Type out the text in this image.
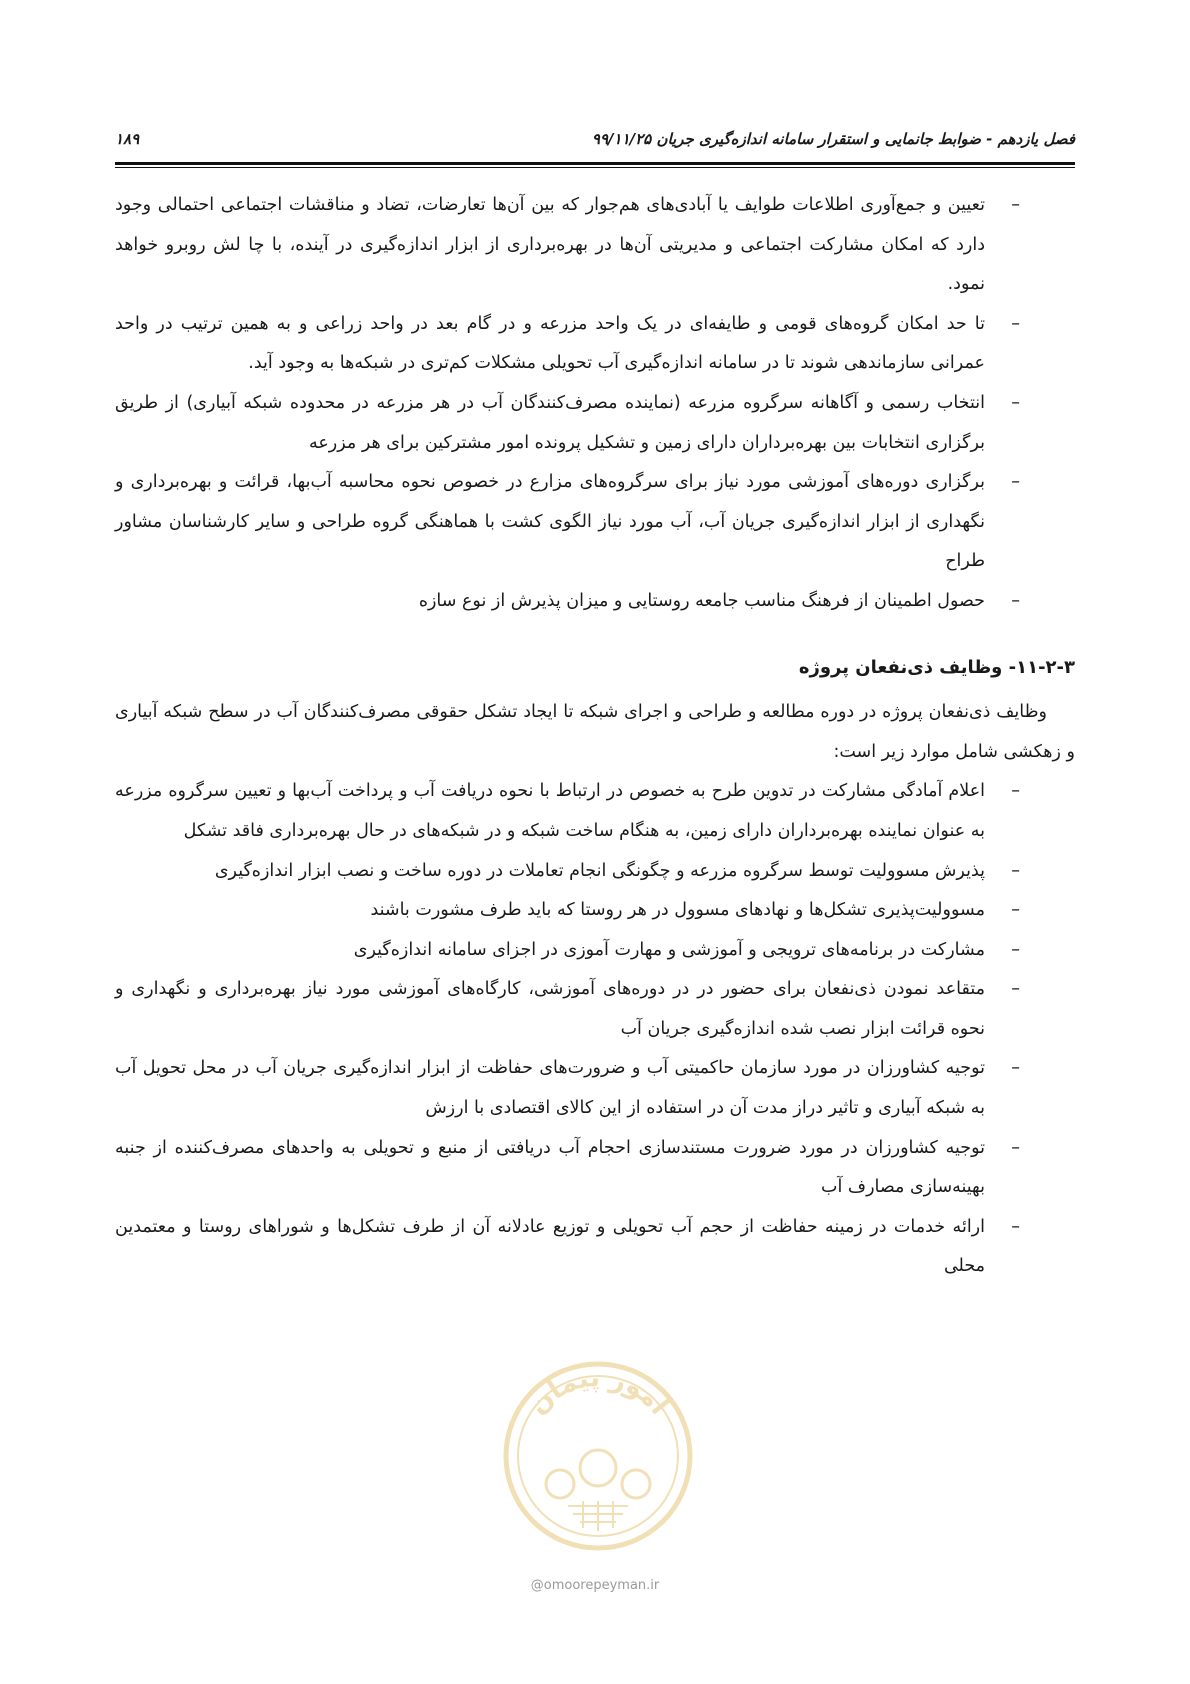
فصل یازدهم - ضوابط جانمایی و استقرار سامانه اندازه‌گیری جریان ۹۹/۱۱/۲۵
۱۸۹
–
تعیین و جمع‌آوری اطلاعات طوایف یا آبادی‌های هم‌جوار که بین آن‌ها تعارضات، تضاد و مناقشات اجتماعی احتمالی وجود دارد که امکان مشارکت اجتماعی و مدیریتی آن‌ها در بهره‌برداری از ابزار اندازه‌گیری در آینده، با چا لش روبرو خواهد نمود.
–
تا حد امکان گروه‌های قومی و طایفه‌ای در یک واحد مزرعه و در گام بعد در واحد زراعی و به همین ترتیب در واحد عمرانی سازماندهی شوند تا در سامانه اندازه‌گیری آب تحویلی مشکلات کم‌تری در شبکه‌ها به وجود آید.
–
انتخاب رسمی و آگاهانه سرگروه مزرعه (نماینده مصرف‌کنندگان آب در هر مزرعه در محدوده شبکه آبیاری) از طریق برگزاری انتخابات بین بهره‌برداران دارای زمین و تشکیل پرونده امور مشترکین برای هر مزرعه
–
برگزاری دوره‌های آموزشی مورد نیاز برای سرگروه‌های مزارع در خصوص نحوه محاسبه آب‌بها، قرائت و بهره‌برداری و نگهداری از ابزار اندازه‌گیری جریان آب، آب مورد نیاز الگوی کشت با هماهنگی گروه طراحی و سایر کارشناسان مشاور طراح
–
حصول اطمینان از فرهنگ مناسب جامعه روستایی و میزان پذیرش از نوع سازه
۱۱-۲-۳- وظایف ذی‌نفعان پروژه

وظایف ذی‌نفعان پروژه در دوره مطالعه و طراحی و اجرای شبکه تا ایجاد تشکل حقوقی مصرف‌کنندگان آب در سطح شبکه آبیاری و زهکشی شامل موارد زیر است:

–
اعلام آمادگی مشارکت در تدوین طرح به خصوص در ارتباط با نحوه دریافت آب و پرداخت آب‌بها و تعیین سرگروه مزرعه به عنوان نماینده بهره‌برداران دارای زمین، به هنگام ساخت شبکه و در شبکه‌های در حال بهره‌برداری فاقد تشکل
–
پذیرش مسوولیت توسط سرگروه مزرعه و چگونگی انجام تعاملات در دوره ساخت و نصب ابزار اندازه‌گیری
–
مسوولیت‌پذیری تشکل‌ها و نهادهای مسوول در هر روستا که باید طرف مشورت باشند
–
مشارکت در برنامه‌های ترویجی و آموزشی و مهارت آموزی در اجزای سامانه اندازه‌گیری
–
متقاعد نمودن ذی‌نفعان برای حضور در در دوره‌های آموزشی، کارگاه‌های آموزشی مورد نیاز بهره‌برداری و نگهداری و نحوه قرائت ابزار نصب شده اندازه‌گیری جریان آب
–
توجیه کشاورزان در مورد سازمان حاکمیتی آب و ضرورت‌های حفاظت از ابزار اندازه‌گیری جریان آب در محل تحویل آب به شبکه آبیاری و تاثیر دراز مدت آن در استفاده از این کالای اقتصادی با ارزش
–
توجیه کشاورزان در مورد ضرورت مستندسازی احجام آب دریافتی از منبع و تحویلی به واحدهای مصرف‌کننده از جنبه بهینه‌سازی مصارف آب
–
ارائه خدمات در زمینه حفاظت از حجم آب تحویلی و توزیع عادلانه آن از طرف تشکل‌ها و شوراهای روستا و معتمدین محلی
امور پیمان
@omoorepeyman.ir
